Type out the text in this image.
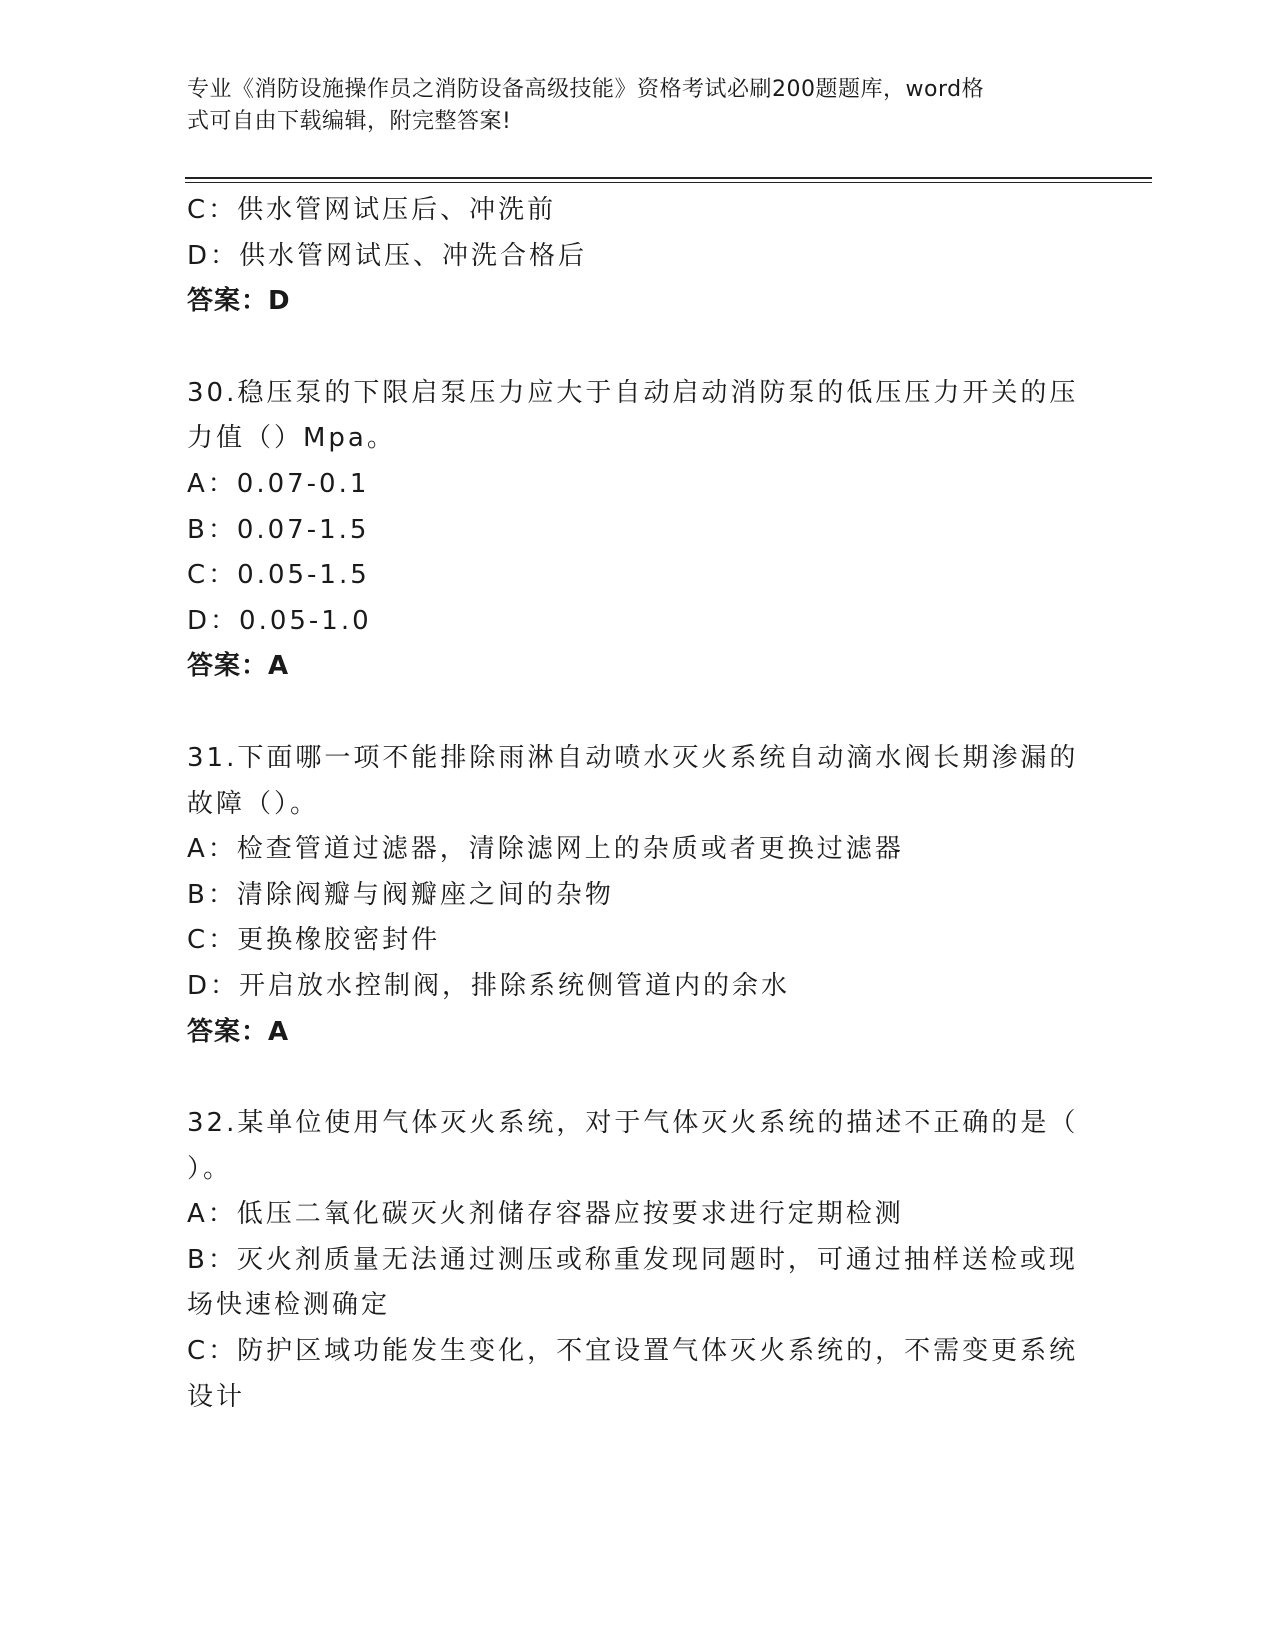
专业《消防设施操作员之消防设备高级技能》资格考试必刷200题题库，word格
式可自由下载编辑，附完整答案!
C：供水管网试压后、冲洗前
D：供水管网试压、冲洗合格后
答案：D
30.稳压泵的下限启泵压力应大于自动启动消防泵的低压压力开关的压
力值（）Mpa。
A：0.07-0.1
B：0.07-1.5
C：0.05-1.5
D：0.05-1.0
答案：A
31.下面哪一项不能排除雨淋自动喷水灭火系统自动滴水阀长期渗漏的
故障（）。
A：检查管道过滤器，清除滤网上的杂质或者更换过滤器
B：清除阀瓣与阀瓣座之间的杂物
C：更换橡胶密封件
D：开启放水控制阀，排除系统侧管道内的余水
答案：A
32.某单位使用气体灭火系统，对于气体灭火系统的描述不正确的是（
）。
A：低压二氧化碳灭火剂储存容器应按要求进行定期检测
B：灭火剂质量无法通过测压或称重发现同题时，可通过抽样送检或现
场快速检测确定
C：防护区域功能发生变化，不宜设置气体灭火系统的，不需变更系统
设计
